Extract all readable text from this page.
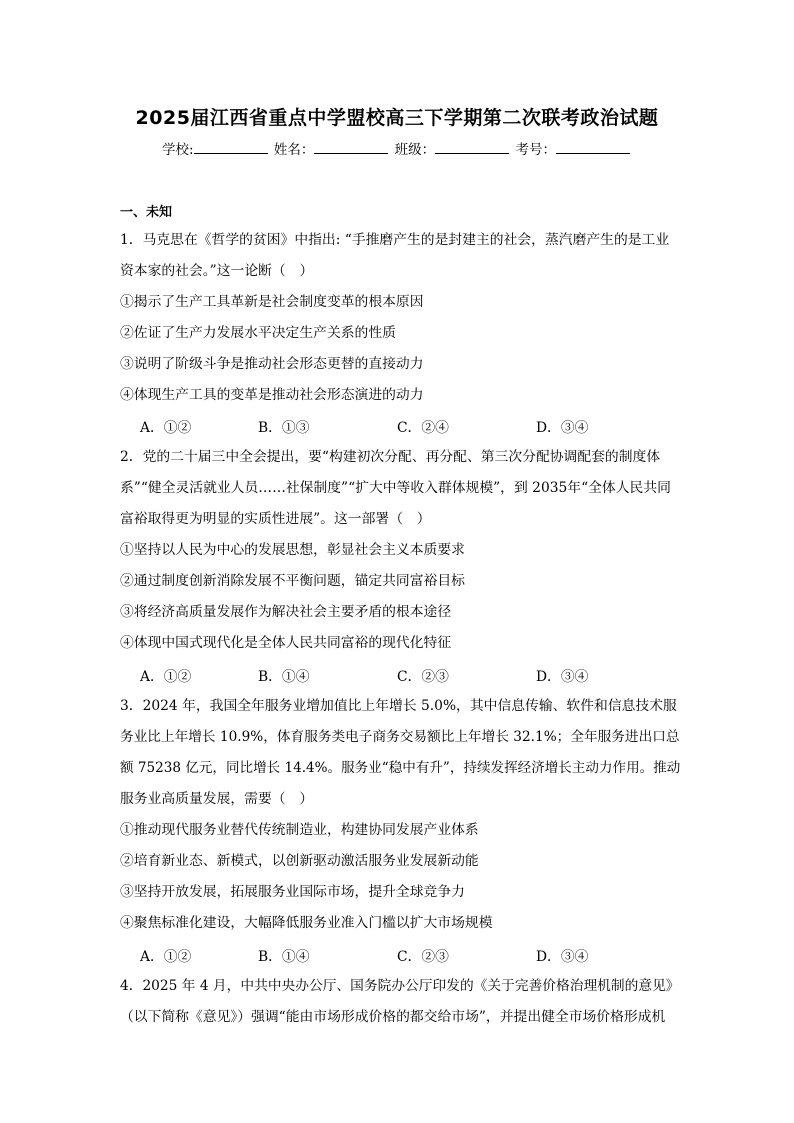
2025届江西省重点中学盟校高三下学期第二次联考政治试题
学校:	姓名：	班级：	考号：
一、未知
1．马克思在《哲学的贫困》中指出: “手推磨产生的是封建主的社会，蒸汽磨产生的是工业
资本家的社会。”这一论断（　）
①揭示了生产工具革新是社会制度变革的根本原因
②佐证了生产力发展水平决定生产关系的性质
③说明了阶级斗争是推动社会形态更替的直接动力
④体现生产工具的变革是推动社会形态演进的动力
A．①②	B．①③	C．②④	D．③④
2．党的二十届三中全会提出，要“构建初次分配、再分配、第三次分配协调配套的制度体
系”“健全灵活就业人员……社保制度”“扩大中等收入群体规模”，到 2035年“全体人民共同
富裕取得更为明显的实质性进展”。这一部署（　）
①坚持以人民为中心的发展思想，彰显社会主义本质要求
②通过制度创新消除发展不平衡问题，锚定共同富裕目标
③将经济高质量发展作为解决社会主要矛盾的根本途径
④体现中国式现代化是全体人民共同富裕的现代化特征
A．①②	B．①④	C．②③	D．③④
3．2024 年，我国全年服务业增加值比上年增长 5.0%，其中信息传输、软件和信息技术服
务业比上年增长 10.9%，体育服务类电子商务交易额比上年增长 32.1%；全年服务进出口总
额 75238 亿元，同比增长 14.4%。服务业“稳中有升”，持续发挥经济增长主动力作用。推动
服务业高质量发展，需要（　）
①推动现代服务业替代传统制造业，构建协同发展产业体系
②培育新业态、新模式，以创新驱动激活服务业发展新动能
③坚持开放发展，拓展服务业国际市场，提升全球竞争力
④聚焦标准化建设，大幅降低服务业准入门槛以扩大市场规模
A．①②	B．①④	C．②③	D．③④
4．2025 年 4 月，中共中央办公厅、国务院办公厅印发的《关于完善价格治理机制的意见》
（以下简称《意见》）强调“能由市场形成价格的都交给市场”，并提出健全市场价格形成机
